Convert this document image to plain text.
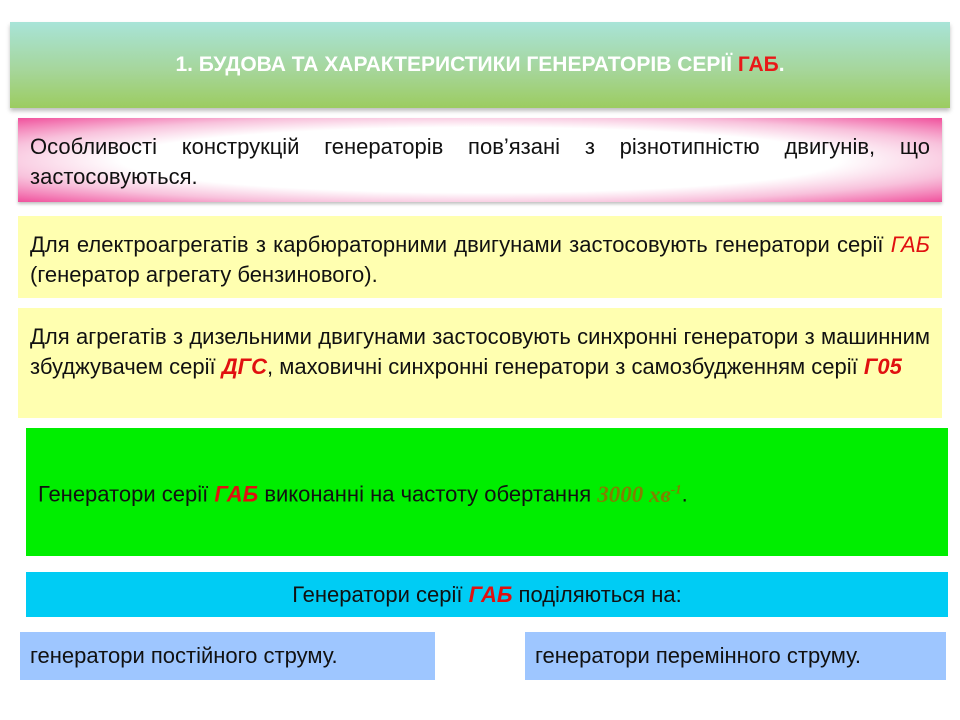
1. БУДОВА ТА ХАРАКТЕРИСТИКИ ГЕНЕРАТОРІВ СЕРІЇ ГАБ .
Особливості конструкцій генераторів пов’язані з різнотипністю двигунів, що застосовуються.
Для електроагрегатів з карбюраторними двигунами застосовують генератори серії ГАБ (генератор агрегату бензинового).
Для агрегатів з дизельними двигунами застосовують синхронні генератори з машинним збуджувачем серії ДГС, маховичні синхронні генератори з самозбудженням серії Г05
Генератори серії ГАБ виконанні на частоту обертання 3000 $хв^{-1}$.
Генератори серії ГАБ поділяються на:
генератори постійного струму.	генератори перемінного струму.
